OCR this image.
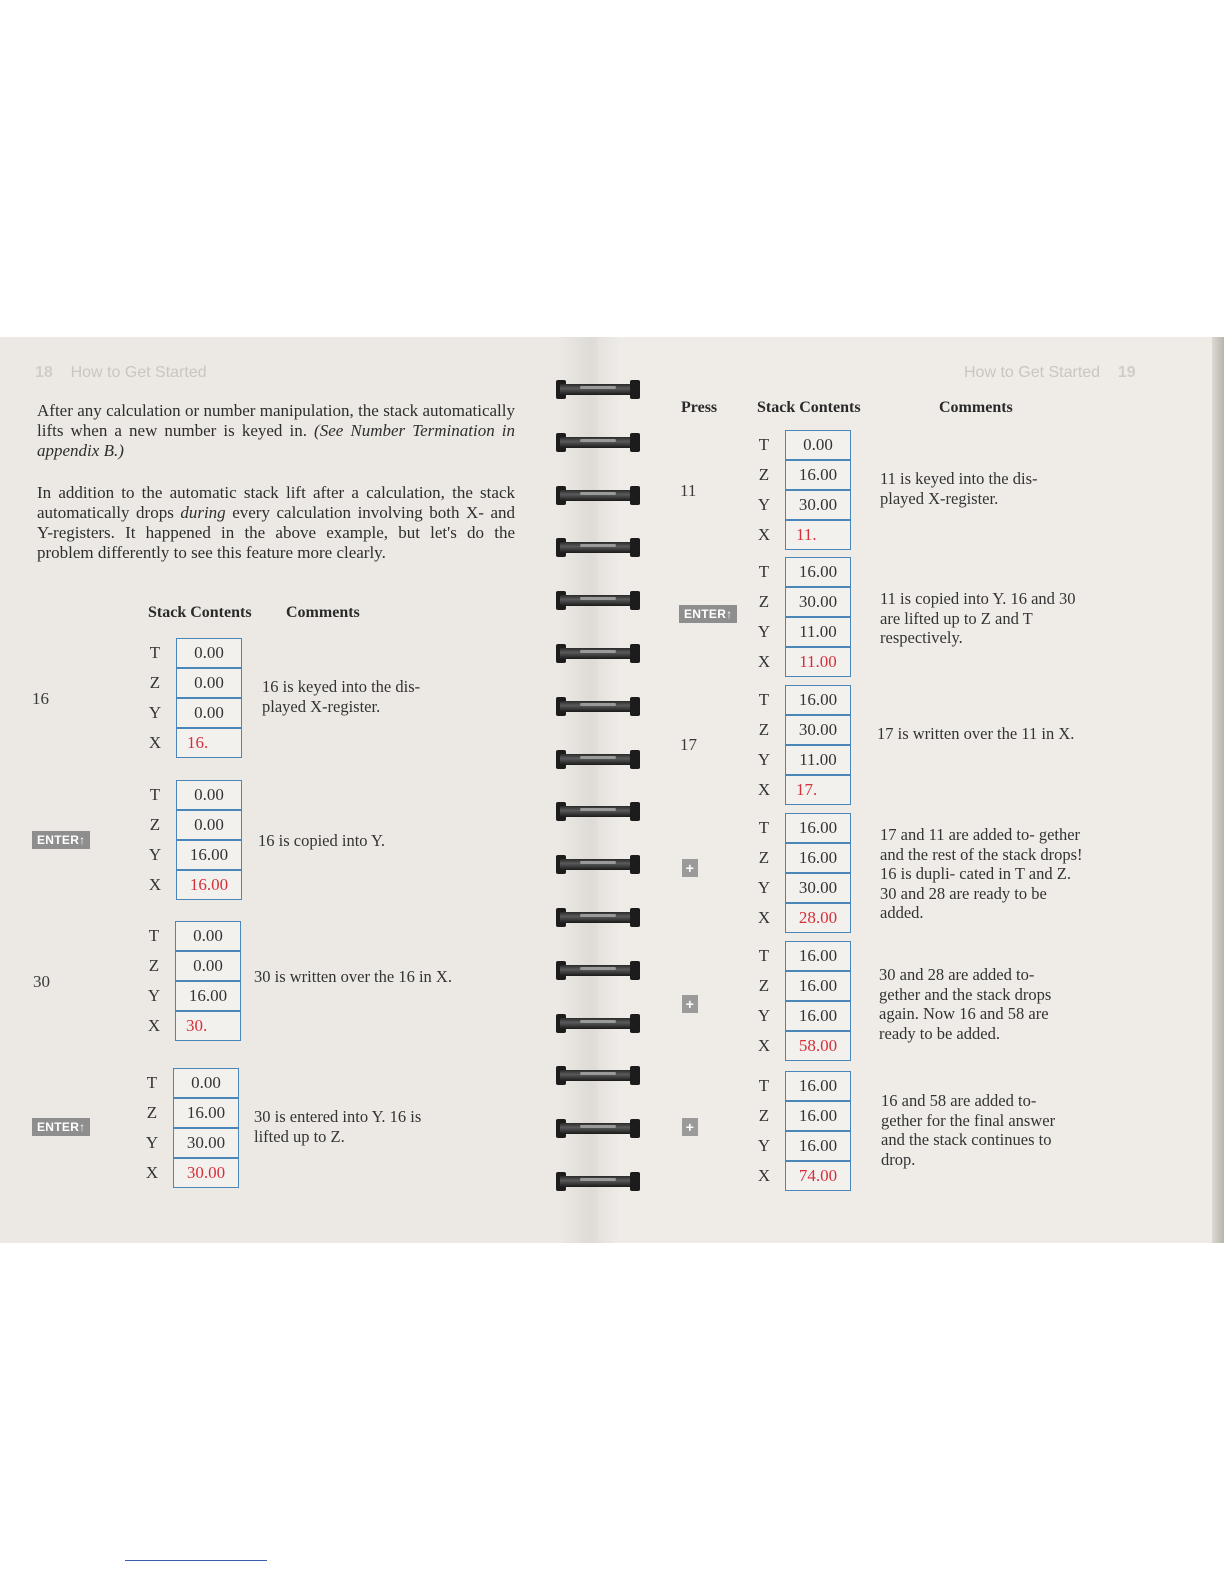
18 How to Get Started
After any calculation or number manipulation, the stack automatically lifts when a new number is keyed in. (See Number Termination in appendix B.)
In addition to the automatic stack lift after a calculation, the stack automatically drops during every calculation involving both X- and Y-registers. It happened in the above example, but let's do the problem differently to see this feature more clearly.
Stack Contents Comments
16
T	0.00
Z	0.00
Y	0.00
X	16.
16 is keyed into the dis- played X-register.
ENTER↑
T	0.00
Z	0.00
Y	16.00
X	16.00
16 is copied into Y.
30
T	0.00
Z	0.00
Y	16.00
X	30.
30 is written over the 16 in X.
ENTER↑
T	0.00
Z	16.00
Y	30.00
X	30.00
30 is entered into Y. 16 is lifted up to Z.
How to Get Started 19
Press Stack Contents	Comments
11
T	0.00
Z	16.00
Y	30.00
X	11.
11 is keyed into the dis- played X-register.
ENTER↑
T	16.00
Z	30.00
Y	11.00
X	11.00
11 is copied into Y. 16 and 30 are lifted up to Z and T respectively.
17
T	16.00
Z	30.00
Y	11.00
X	17.
17 is written over the 11 in X.
+
T	16.00
Z	16.00
Y	30.00
X	28.00
17 and 11 are added to- gether and the rest of the stack drops! 16 is dupli- cated in T and Z. 30 and 28 are ready to be added.
+
T	16.00
Z	16.00
Y	16.00
X	58.00
30 and 28 are added to- gether and the stack drops again. Now 16 and 58 are ready to be added.
+
T	16.00
Z	16.00
Y	16.00
X	74.00
16 and 58 are added to- gether for the final answer and the stack continues to drop.
